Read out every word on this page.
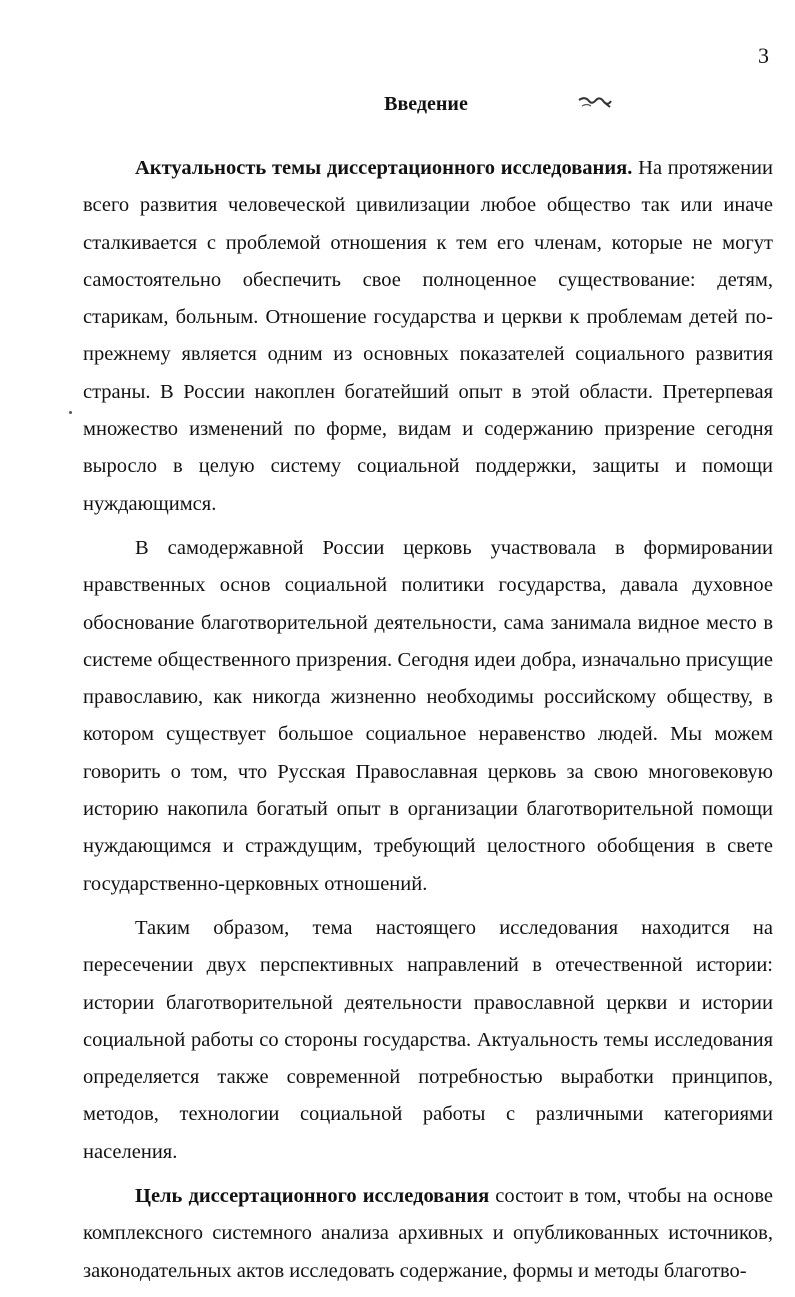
3
Введение

Актуальность темы диссертационного исследования. На протяжении всего развития человеческой цивилизации любое общество так или иначе сталкивается с проблемой отношения к тем его членам, которые не могут самостоятельно обеспечить свое полноценное существование: детям, старикам, больным. Отношение государства и церкви к проблемам детей по-прежнему является одним из основных показателей социального развития страны. В России накоплен богатейший опыт в этой области. Претерпевая множество изменений по форме, видам и содержанию призрение сегодня выросло в целую систему социальной поддержки, защиты и помощи нуждающимся.

В самодержавной России церковь участвовала в формировании нравственных основ социальной политики государства, давала духовное обоснование благотворительной деятельности, сама занимала видное место в системе общественного призрения. Сегодня идеи добра, изначально присущие православию, как никогда жизненно необходимы российскому обществу, в котором существует большое социальное неравенство людей. Мы можем говорить о том, что Русская Православная церковь за свою многовековую историю накопила богатый опыт в организации благотворительной помощи нуждающимся и страждущим, требующий целостного обобщения в свете государственно-церковных отношений.

Таким образом, тема настоящего исследования находится на пересечении двух перспективных направлений в отечественной истории: истории благотворительной деятельности православной церкви и истории социальной работы со стороны государства. Актуальность темы исследования определяется также современной потребностью выработки принципов, методов, технологии социальной работы с различными категориями населения.

Цель диссертационного исследования состоит в том, чтобы на основе комплексного системного анализа архивных и опубликованных источников, законодательных актов исследовать содержание, формы и методы благотво-
